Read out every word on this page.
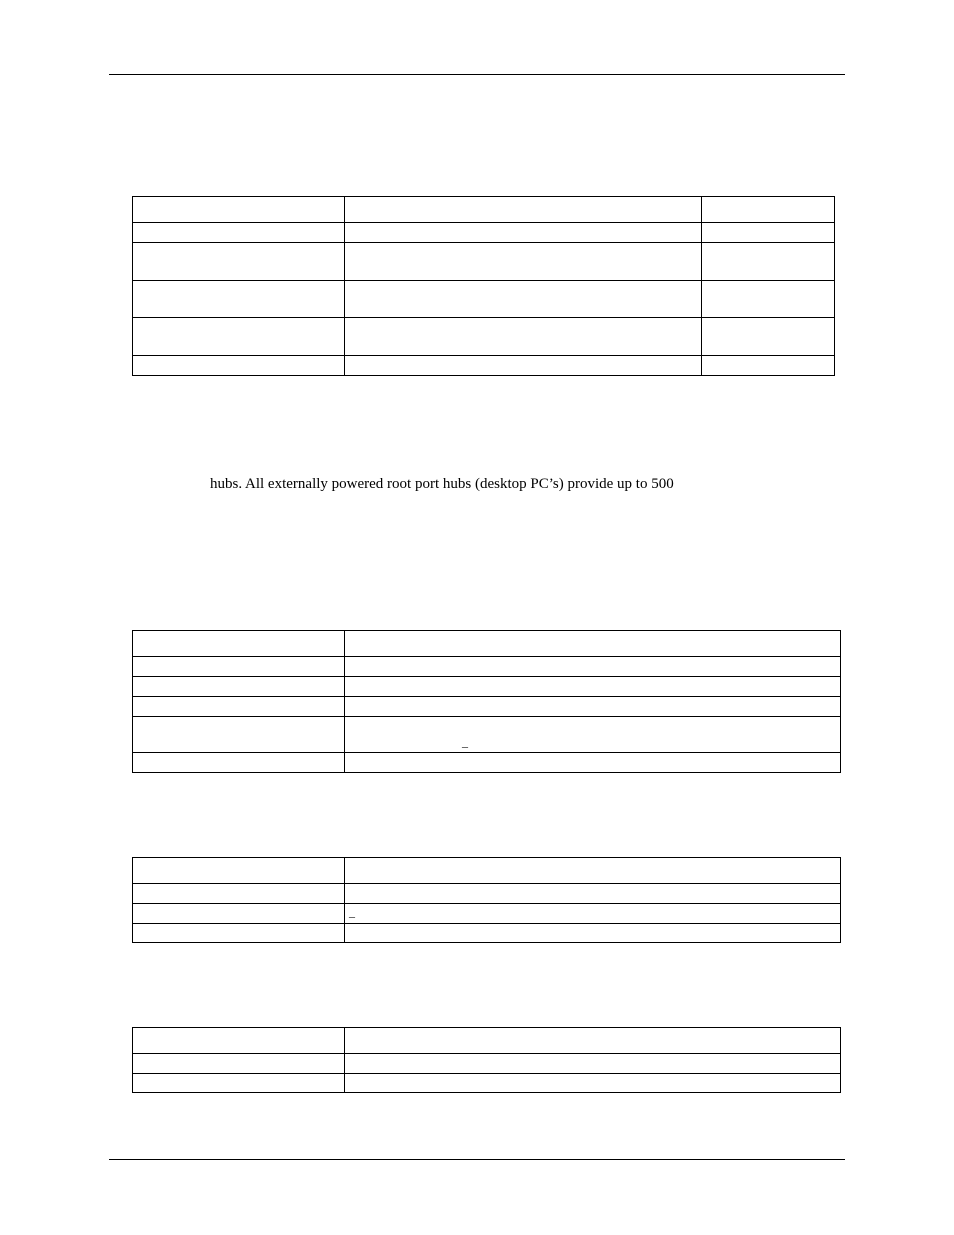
hubs. All externally powered root port hubs (desktop PC’s) provide up to 500

_

_
